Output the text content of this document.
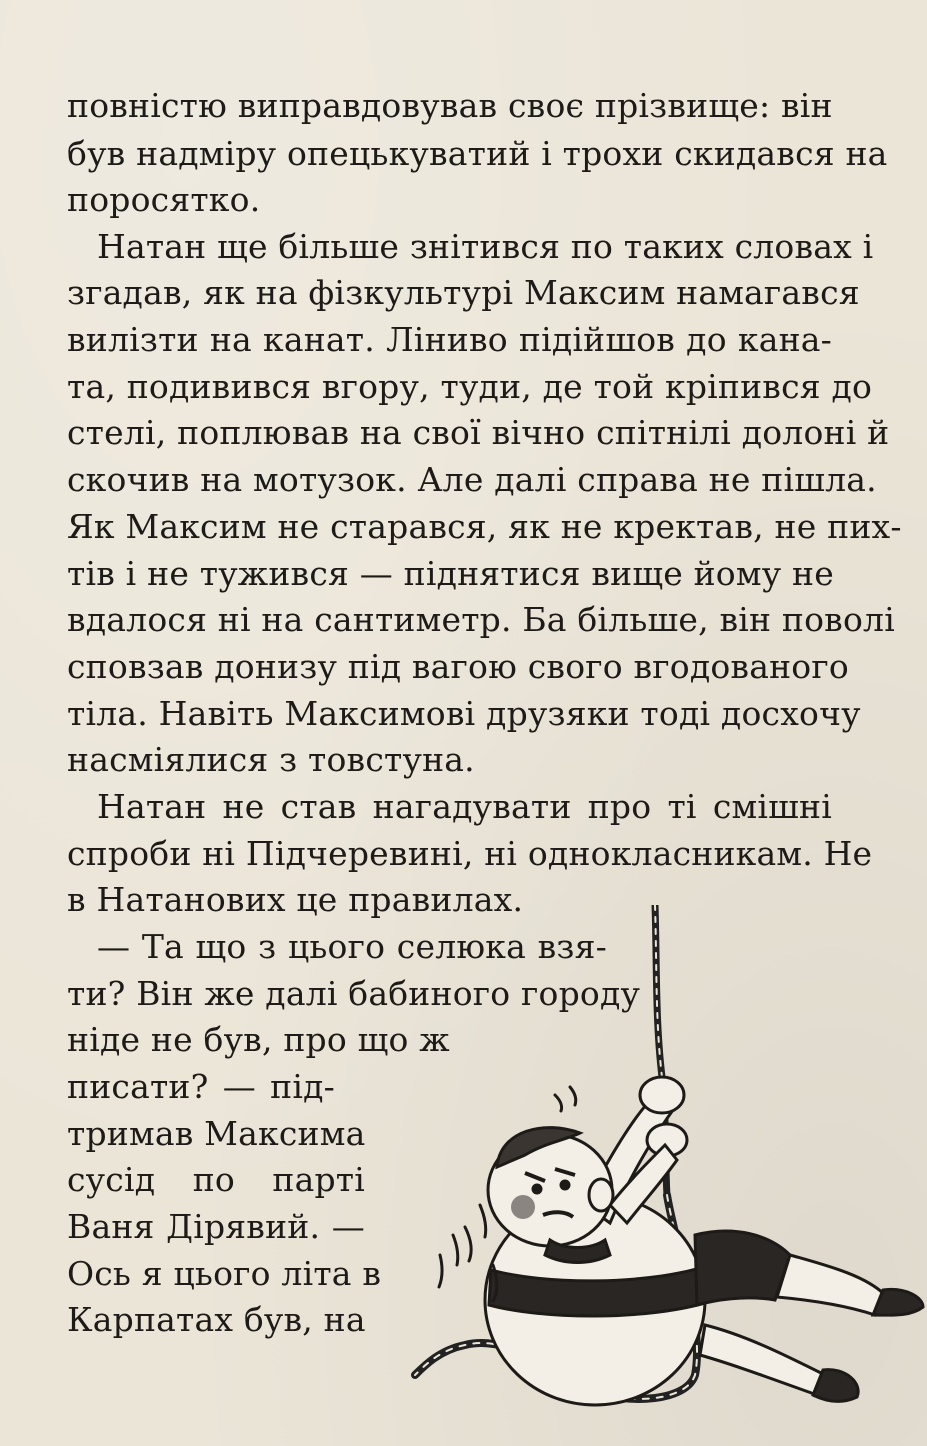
повністю виправдовував своє прізвище: він
був надміру опецькуватий і трохи скидався на
поросятко.
Натан ще більше знітився по таких словах і
згадав, як на фізкультурі Максим намагався
вилізти на канат. Ліниво підійшов до кана-
та, подивився вгору, туди, де той кріпився до
стелі, поплював на свої вічно спітнілі долоні й
скочив на мотузок. Але далі справа не пішла.
Як Максим не старався, як не кректав, не пих-
тів і не тужився — піднятися вище йому не
вдалося ні на сантиметр. Ба більше, він поволі
сповзав донизу під вагою свого вгодованого
тіла. Навіть Максимові друзяки тоді досхочу
насміялися з товстуна.
Натан не став нагадувати про ті смішні
спроби ні Підчеревині, ні однокласникам. Не
в Натанових це правилах.
— Та що з цього селюка взя-
ти? Він же далі бабиного городу
ніде не був, про що ж
писати? — під-
тримав Максима
сусід по парті
Ваня Дірявий. —
Ось я цього літа в
Карпатах був, на
